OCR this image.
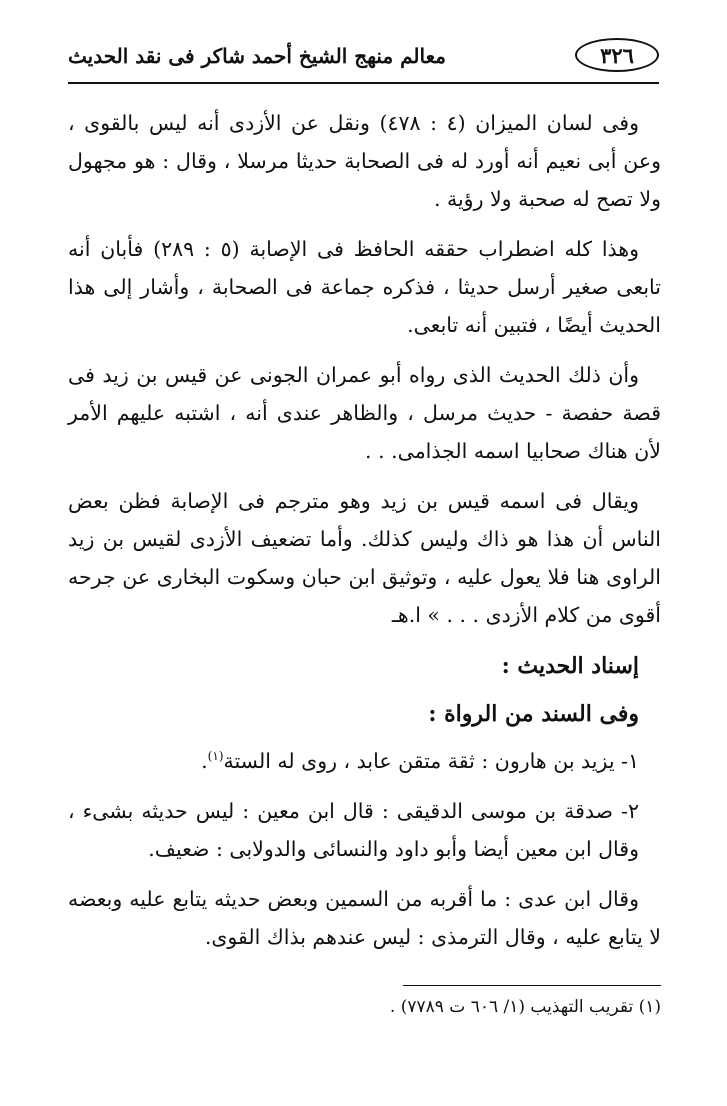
٣٢٦
معالم منهج الشيخ أحمد شاكر فى نقد الحديث

وفى لسان الميزان (٤ : ٤٧٨) ونقل عن الأزدى أنه ليس بالقوى ، وعن أبى نعيم أنه أورد له فى الصحابة حديثا مرسلا ، وقال : هو مجهول ولا تصح له صحبة ولا رؤية .

وهذا كله اضطراب حققه الحافظ فى الإصابة (٥ : ٢٨٩) فأبان أنه تابعى صغير أرسل حديثا ، فذكره جماعة فى الصحابة ، وأشار إلى هذا الحديث أيضًا ، فتبين أنه تابعى.

وأن ذلك الحديث الذى رواه أبو عمران الجونى عن قيس بن زيد فى قصة حفصة - حديث مرسل ، والظاهر عندى أنه ، اشتبه عليهم الأمر لأن هناك صحابيا اسمه الجذامى. . .

ويقال فى اسمه قيس بن زيد وهو مترجم فى الإصابة فظن بعض الناس أن هذا هو ذاك وليس كذلك. وأما تضعيف الأزدى لقيس بن زيد الراوى هنا فلا يعول عليه ، وتوثيق ابن حبان وسكوت البخارى عن جرحه أقوى من كلام الأزدى . . . » ا.هـ

إسناد الحديث :
وفى السند من الرواة :

١- يزيد بن هارون : ثقة متقن عابد ، روى له الستة$^{(١)}$.

٢- صدقة بن موسى الدقيقى : قال ابن معين : ليس حديثه بشىء ، وقال ابن معين أيضا وأبو داود والنسائى والدولابى : ضعيف.

وقال ابن عدى : ما أقربه من السمين وبعض حديثه يتابع عليه وبعضه لا يتابع عليه ، وقال الترمذى : ليس عندهم بذاك القوى.

(١) تقريب التهذيب (١/ ٦٠٦ ت ٧٧٨٩) .
